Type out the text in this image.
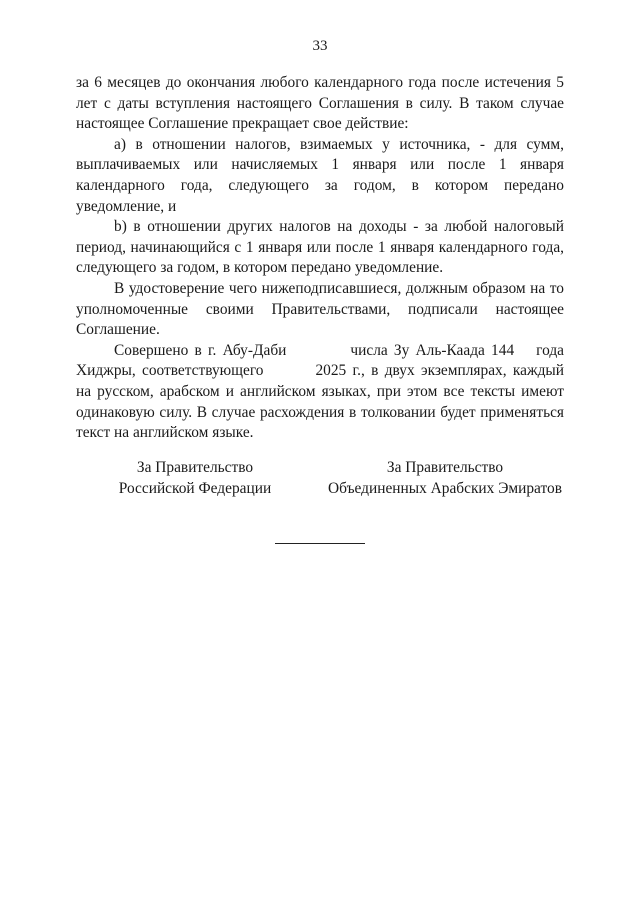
33

за 6 месяцев до окончания любого календарного года после истечения 5 лет с даты вступления настоящего Соглашения в силу. В таком случае настоящее Соглашение прекращает свое действие:

a) в отношении налогов, взимаемых у источника, - для сумм, выплачиваемых или начисляемых 1 января или после 1 января календарного года, следующего за годом, в котором передано уведомление, и

b) в отношении других налогов на доходы - за любой налоговый период, начинающийся с 1 января или после 1 января календарного года, следующего за годом, в котором передано уведомление.

В удостоверение чего нижеподписавшиеся, должным образом на то уполномоченные своими Правительствами, подписали настоящее Соглашение.

Совершено в г. Абу-Даби	числа Зу Аль-Каада 144 года Хиджры, соответствующего	2025 г., в двух экземплярах, каждый на русском, арабском и английском языках, при этом все тексты имеют одинаковую силу. В случае расхождения в толковании будет применяться текст на английском языке.

За Правительство
Российской Федерации
За Правительство
Объединенных Арабских Эмиратов
